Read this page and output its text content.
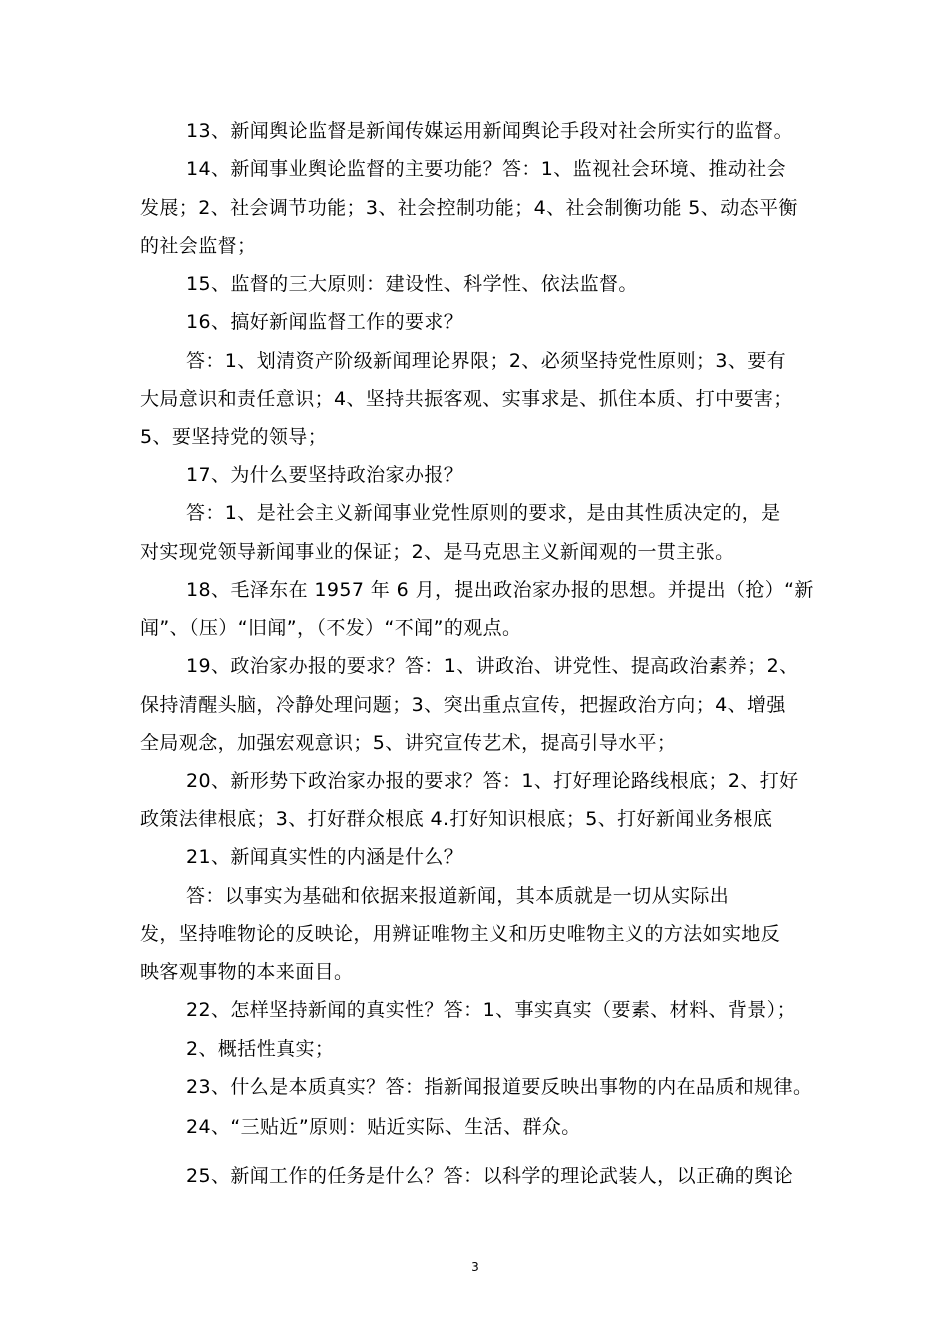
13、新闻舆论监督是新闻传媒运用新闻舆论手段对社会所实行的监督。
14、新闻事业舆论监督的主要功能？答：1、监视社会环境、推动社会
发展；2、社会调节功能；3、社会控制功能；4、社会制衡功能 5、动态平衡
的社会监督；
15、监督的三大原则：建设性、科学性、依法监督。
16、搞好新闻监督工作的要求？
答：1、划清资产阶级新闻理论界限；2、必须坚持党性原则；3、要有
大局意识和责任意识；4、坚持共振客观、实事求是、抓住本质、打中要害；
5、要坚持党的领导；
17、为什么要坚持政治家办报？
答：1、是社会主义新闻事业党性原则的要求，是由其性质决定的，是
对实现党领导新闻事业的保证；2、是马克思主义新闻观的一贯主张。
18、毛泽东在 1957 年 6 月，提出政治家办报的思想。并提出（抢）“新
闻”、（压）“旧闻”，（不发）“不闻”的观点。
19、政治家办报的要求？答：1、讲政治、讲党性、提高政治素养；2、
保持清醒头脑，冷静处理问题；3、突出重点宣传，把握政治方向；4、增强
全局观念，加强宏观意识；5、讲究宣传艺术，提高引导水平；
20、新形势下政治家办报的要求？答：1、打好理论路线根底；2、打好
政策法律根底；3、打好群众根底 4.打好知识根底；5、打好新闻业务根底
21、新闻真实性的内涵是什么？
答：以事实为基础和依据来报道新闻，其本质就是一切从实际出
发，坚持唯物论的反映论，用辨证唯物主义和历史唯物主义的方法如实地反
映客观事物的本来面目。
22、怎样坚持新闻的真实性？答：1、事实真实（要素、材料、背景）；
2、概括性真实；
23、什么是本质真实？答：指新闻报道要反映出事物的内在品质和规律。
24、“三贴近”原则：贴近实际、生活、群众。
25、新闻工作的任务是什么？答：以科学的理论武装人，以正确的舆论
3
